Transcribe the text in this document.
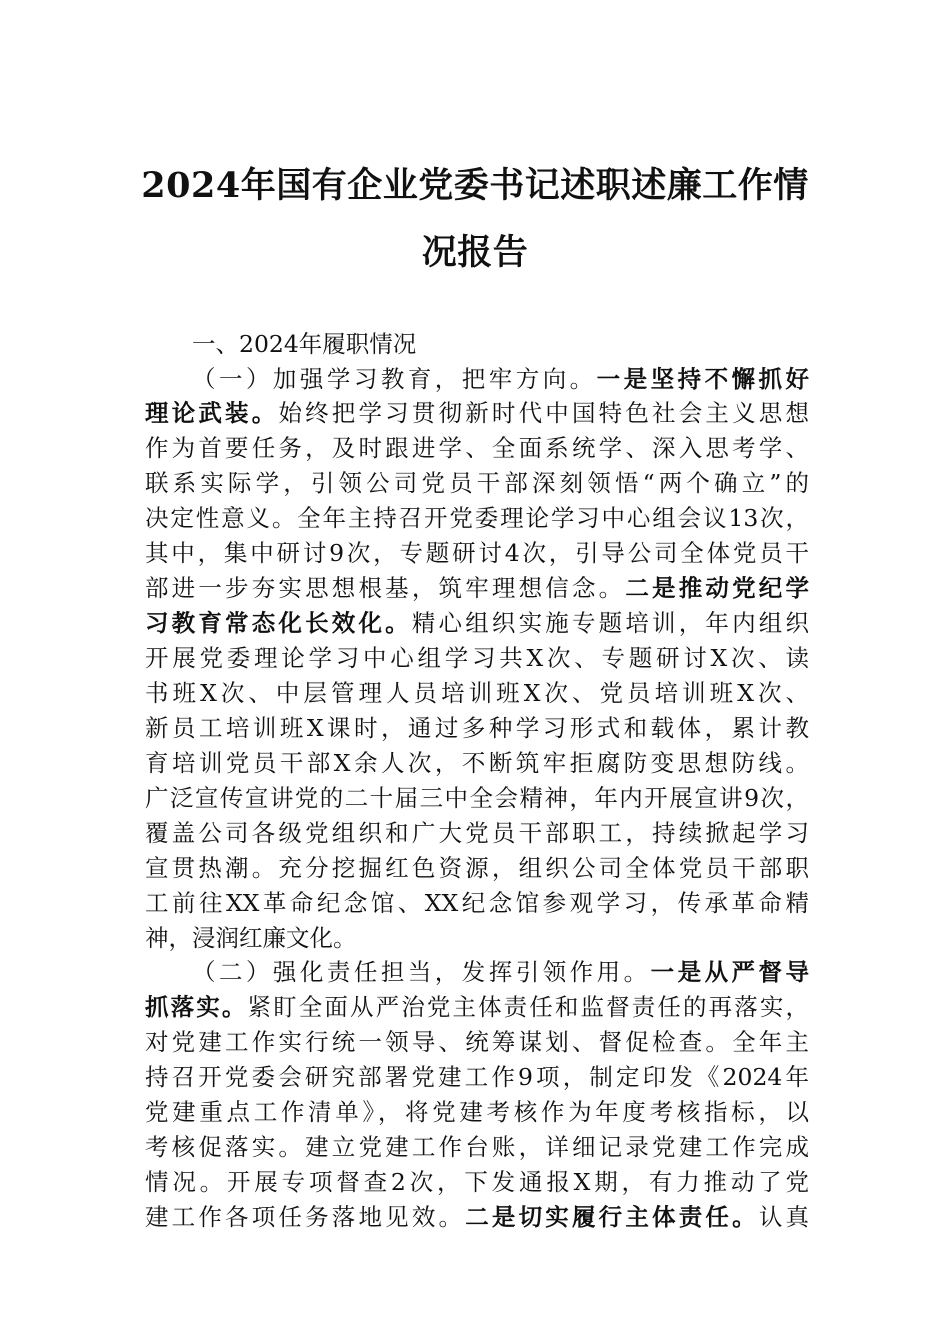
2024年国有企业党委书记述职述廉工作情
况报告
一、2024年履职情况
（一）加强学习教育，把牢方向。一是坚持不懈抓好
理论武装。始终把学习贯彻新时代中国特色社会主义思想
作为首要任务，及时跟进学、全面系统学、深入思考学、
联系实际学，引领公司党员干部深刻领悟“两个确立”的
决定性意义。全年主持召开党委理论学习中心组会议13次，
其中，集中研讨9次，专题研讨4次，引导公司全体党员干
部进一步夯实思想根基，筑牢理想信念。二是推动党纪学
习教育常态化长效化。精心组织实施专题培训，年内组织
开展党委理论学习中心组学习共X次、专题研讨X次、读
书班X次、中层管理人员培训班X次、党员培训班X次、
新员工培训班X课时，通过多种学习形式和载体，累计教
育培训党员干部X余人次，不断筑牢拒腐防变思想防线。
广泛宣传宣讲党的二十届三中全会精神，年内开展宣讲9次，
覆盖公司各级党组织和广大党员干部职工，持续掀起学习
宣贯热潮。充分挖掘红色资源，组织公司全体党员干部职
工前往XX革命纪念馆、XX纪念馆参观学习，传承革命精
神，浸润红廉文化。
（二）强化责任担当，发挥引领作用。一是从严督导
抓落实。紧盯全面从严治党主体责任和监督责任的再落实，
对党建工作实行统一领导、统筹谋划、督促检查。全年主
持召开党委会研究部署党建工作9项，制定印发《2024年
党建重点工作清单》，将党建考核作为年度考核指标，以
考核促落实。建立党建工作台账，详细记录党建工作完成
情况。开展专项督查2次，下发通报X期，有力推动了党
建工作各项任务落地见效。二是切实履行主体责任。认真
